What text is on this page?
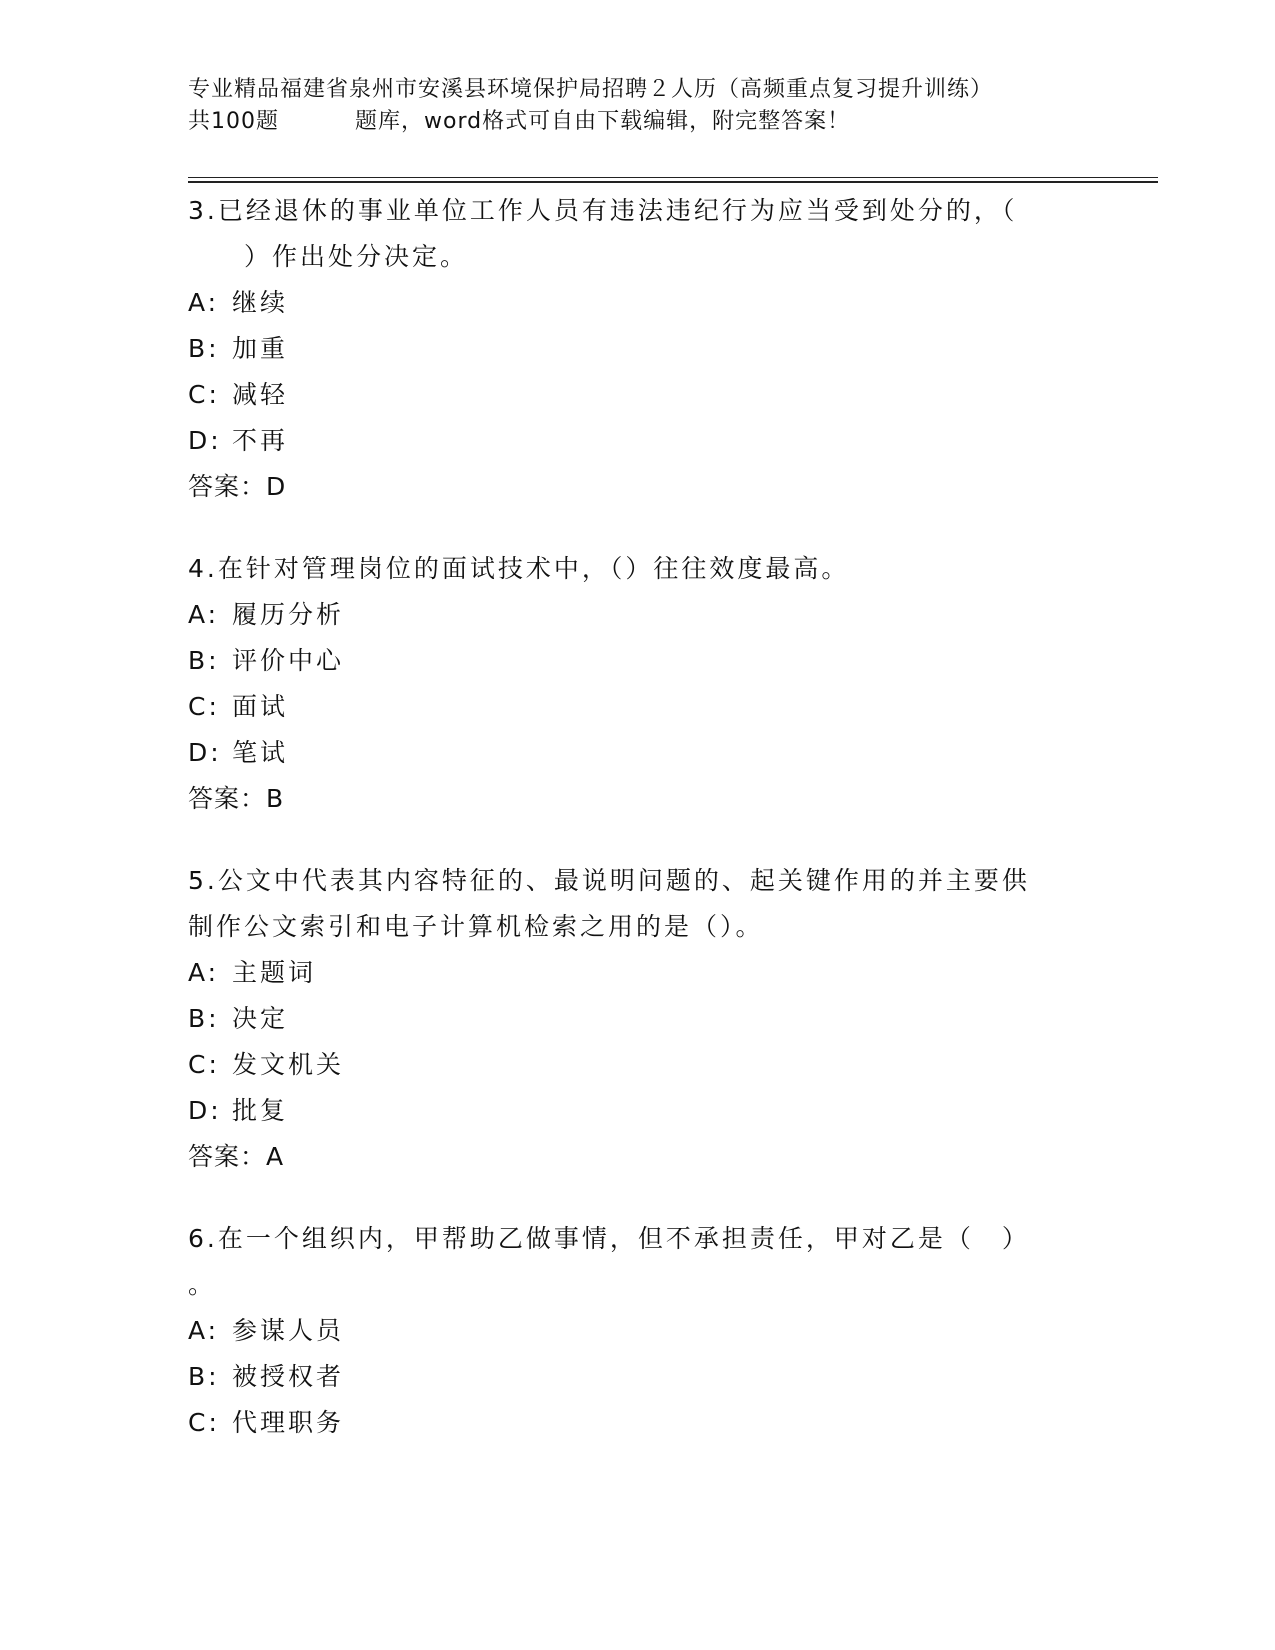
专业精品福建省泉州市安溪县环境保护局招聘２人历（高频重点复习提升训练）
共100题	题库，word格式可自由下载编辑，附完整答案！

3.已经退休的事业单位工作人员有违法违纪行为应当受到处分的，（

　　）作出处分决定。

A: 继续

B: 加重

C: 减轻

D: 不再

答案：D

4.在针对管理岗位的面试技术中，（）往往效度最高。

A: 履历分析

B: 评价中心

C: 面试

D: 笔试

答案：B

5.公文中代表其内容特征的、最说明问题的、起关键作用的并主要供

制作公文索引和电子计算机检索之用的是（）。

A: 主题词

B: 决定

C: 发文机关

D: 批复

答案：A

6.在一个组织内，甲帮助乙做事情，但不承担责任，甲对乙是（　）

。

A: 参谋人员

B: 被授权者

C: 代理职务
